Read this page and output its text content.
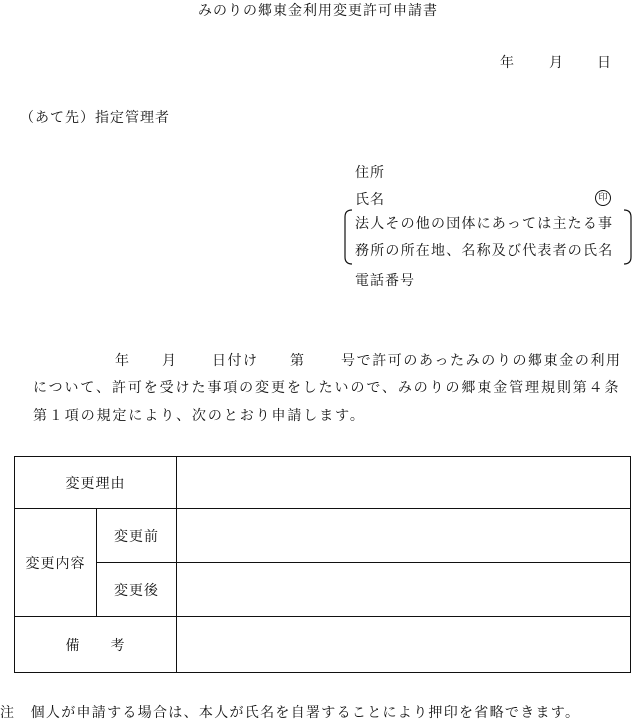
みのりの郷東金利用変更許可申請書
年	月 日
（あて先）指定管理者
住所
氏名	印
法人その他の団体にあっては主たる事
務所の所在地、名称及び代表者の氏名
電話番号
年 月	日付け 第	号で許可のあったみのりの郷東金の利用
について、許可を受けた事項の変更をしたいので、みのりの郷東金管理規則第４条
第１項の規定により、次のとおり申請します。
変更理由		
変更内容	変更前	
	変更後	
備　　考		
注　個人が申請する場合は、本人が氏名を自署することにより押印を省略できます。
